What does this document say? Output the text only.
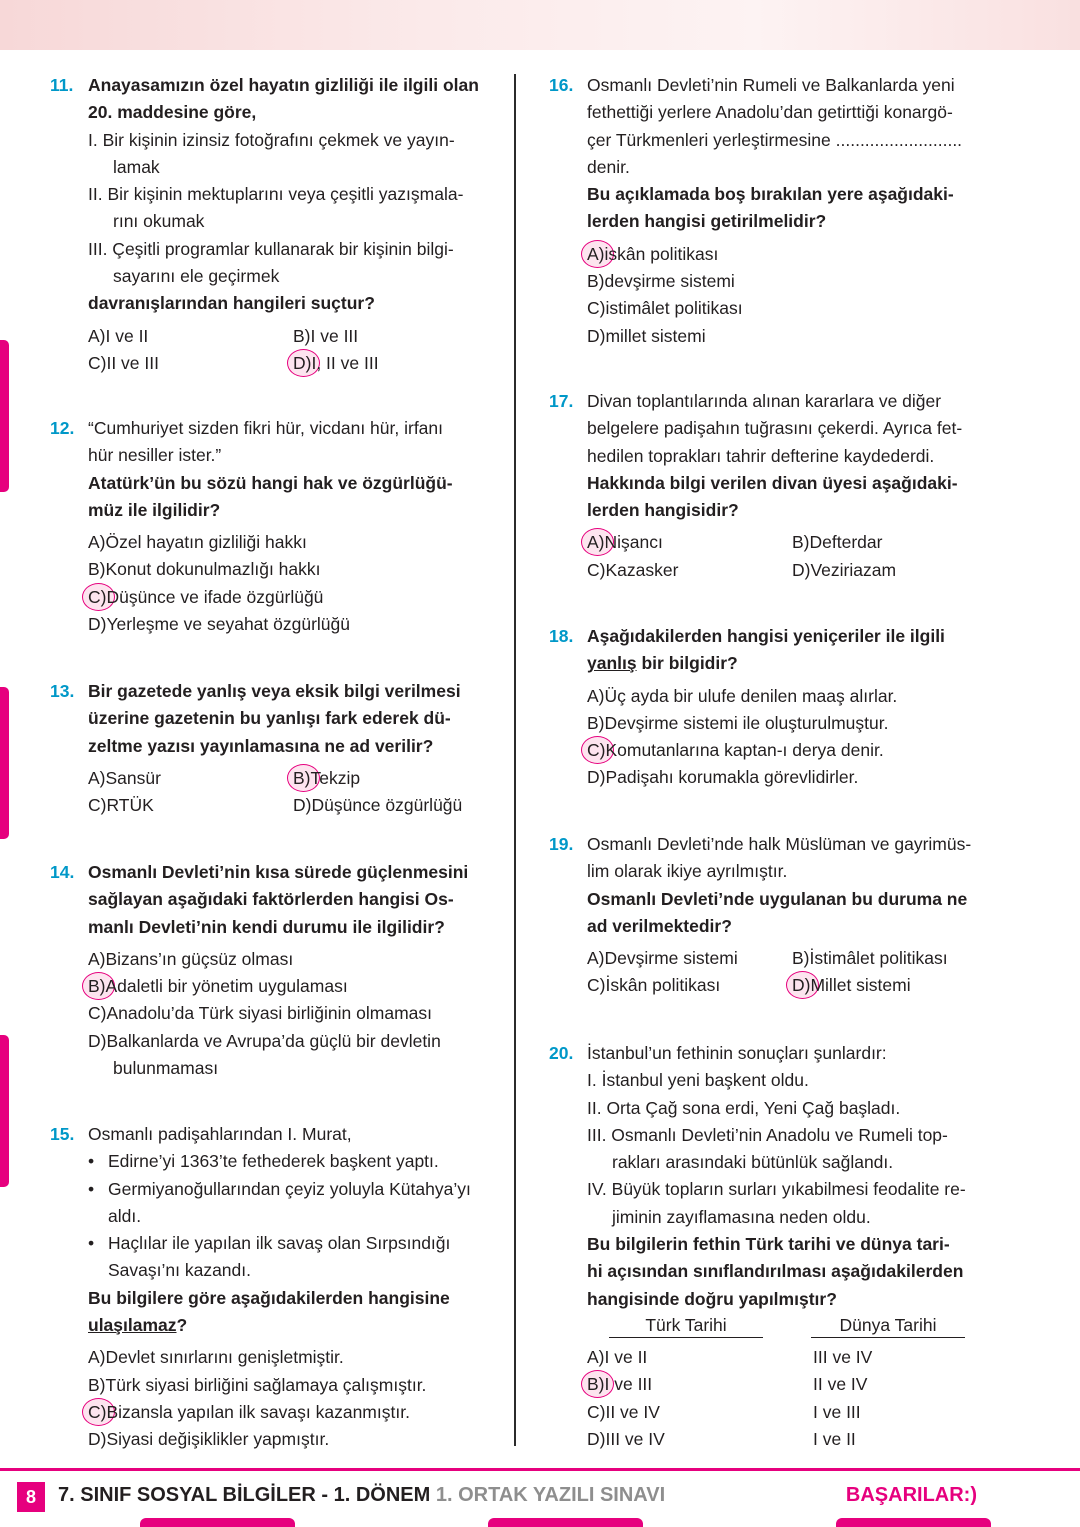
11. Anayasamızın özel hayatın gizliliği ile ilgili olan

20. maddesine göre,

I. Bir kişinin izinsiz fotoğrafını çekmek ve yayın-

lamak

II. Bir kişinin mektuplarını veya çeşitli yazışmala-

rını okumak

III. Çeşitli programlar kullanarak bir kişinin bilgi-

sayarını ele geçirmek

davranışlarından hangileri suçtur?

A)I ve II	B)I ve III
C)II ve III	D)I, II ve III
12. “Cumhuriyet sizden fikri hür, vicdanı hür, irfanı

hür nesiller ister.”

Atatürk’ün bu sözü hangi hak ve özgürlüğü-

müz ile ilgilidir?

A)Özel hayatın gizliliği hakkı
B)Konut dokunulmazlığı hakkı
C)Düşünce ve ifade özgürlüğü
D)Yerleşme ve seyahat özgürlüğü
13. Bir gazetede yanlış veya eksik bilgi verilmesi

üzerine gazetenin bu yanlışı fark ederek dü-

zeltme yazısı yayınlamasına ne ad verilir?

A)Sansür	B)Tekzip
C)RTÜK	D)Düşünce özgürlüğü
14. Osmanlı Devleti’nin kısa sürede güçlenmesini

sağlayan aşağıdaki faktörlerden hangisi Os-

manlı Devleti’nin kendi durumu ile ilgilidir?

A)Bizans’ın güçsüz olması
B)Adaletli bir yönetim uygulaması
C)Anadolu’da Türk siyasi birliğinin olmaması
D)Balkanlarda ve Avrupa’da güçlü bir devletin

bulunmaması

15. Osmanlı padişahlarından I. Murat,

• Edirne’yi 1363’te fethederek başkent yaptı.

• Germiyanoğullarından çeyiz yoluyla Kütahya’yı

aldı.

• Haçlılar ile yapılan ilk savaş olan Sırpsındığı

Savaşı’nı kazandı.

Bu bilgilere göre aşağıdakilerden hangisine

ulaşılamaz?

A)Devlet sınırlarını genişletmiştir.
B)Türk siyasi birliğini sağlamaya çalışmıştır.
C)Bizansla yapılan ilk savaşı kazanmıştır.
D)Siyasi değişiklikler yapmıştır.
16. Osmanlı Devleti’nin Rumeli ve Balkanlarda yeni

fethettiği yerlere Anadolu’dan getirttiği konargö-

çer Türkmenleri yerleştirmesine ..........................

denir.

Bu açıklamada boş bırakılan yere aşağıdaki-

lerden hangisi getirilmelidir?

A)iskân politikası
B)devşirme sistemi
C)istimâlet politikası
D)millet sistemi
17. Divan toplantılarında alınan kararlara ve diğer

belgelere padişahın tuğrasını çekerdi. Ayrıca fet-

hedilen toprakları tahrir defterine kaydederdi.

Hakkında bilgi verilen divan üyesi aşağıdaki-

lerden hangisidir?

A)Nişancı	B)Defterdar
C)Kazasker	D)Veziriazam
18. Aşağıdakilerden hangisi yeniçeriler ile ilgili

yanlış bir bilgidir?

A)Üç ayda bir ulufe denilen maaş alırlar.
B)Devşirme sistemi ile oluşturulmuştur.
C)Komutanlarına kaptan-ı derya denir.
D)Padişahı korumakla görevlidirler.
19. Osmanlı Devleti’nde halk Müslüman ve gayrimüs-

lim olarak ikiye ayrılmıştır.

Osmanlı Devleti’nde uygulanan bu duruma ne

ad verilmektedir?

A)Devşirme sistemi	B)İstimâlet politikası
C)İskân politikası	D)Millet sistemi
20. İstanbul’un fethinin sonuçları şunlardır:

I. İstanbul yeni başkent oldu.

II. Orta Çağ sona erdi, Yeni Çağ başladı.

III. Osmanlı Devleti’nin Anadolu ve Rumeli top-

rakları arasındaki bütünlük sağlandı.

IV. Büyük topların surları yıkabilmesi feodalite re-

jiminin zayıflamasına neden oldu.

Bu bilgilerin fethin Türk tarihi ve dünya tari-

hi açısından sınıflandırılması aşağıdakilerden

hangisinde doğru yapılmıştır?

Türk Tarihi	Dünya Tarihi
A)I ve II	III ve IV
B)I ve III	II ve IV
C)II ve IV	I ve III
D)III ve IV	I ve II
8	7. SINIF SOSYAL BİLGİLER - 1. DÖNEM 1. ORTAK YAZILI SINAVI	BAŞARILAR:)
